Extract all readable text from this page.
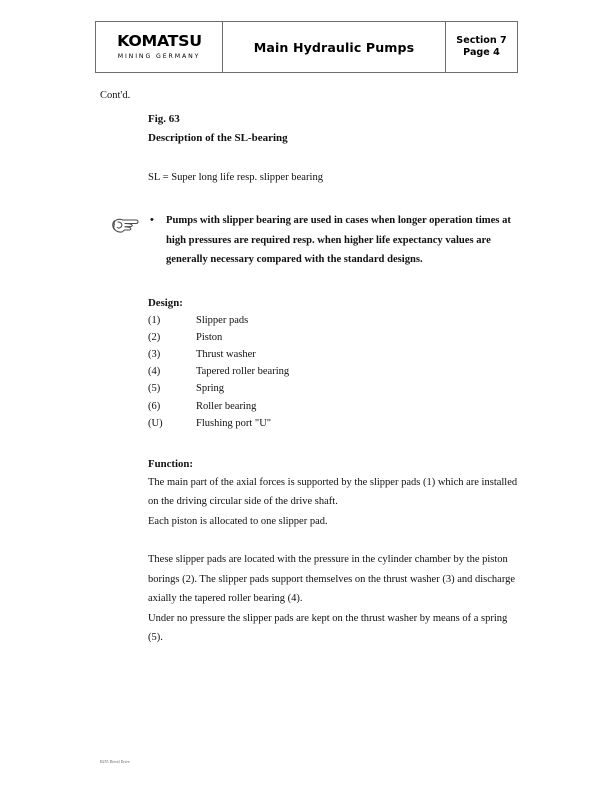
KOMATSU
MINING GERMANY
Main Hydraulic Pumps	Section 7
Page 4
Cont'd.
Fig. 63
Description of the SL-bearing
SL = Super long life resp. slipper bearing
• Pumps with slipper bearing are used in cases when longer operation times at high pressures are required resp. when higher life expectancy values are generally necessary compared with the standard designs.
Design:
(1)	Slipper pads
(2)	Piston
(3)	Thrust washer
(4)	Tapered roller bearing
(5)	Spring
(6)	Roller bearing
(U)	Flushing port "U"
Function:
The main part of the axial forces is supported by the slipper pads (1) which are installed on the driving circular side of the drive shaft.
Each piston is allocated to one slipper pad.
These slipper pads are located with the pressure in the cylinder chamber by the piston borings (2). The slipper pads support themselves on the thrust washer (3) and discharge axially the tapered roller bearing (4).
Under no pressure the slipper pads are kept on the thrust washer by means of a spring (5).
H255 Diesel Drive
